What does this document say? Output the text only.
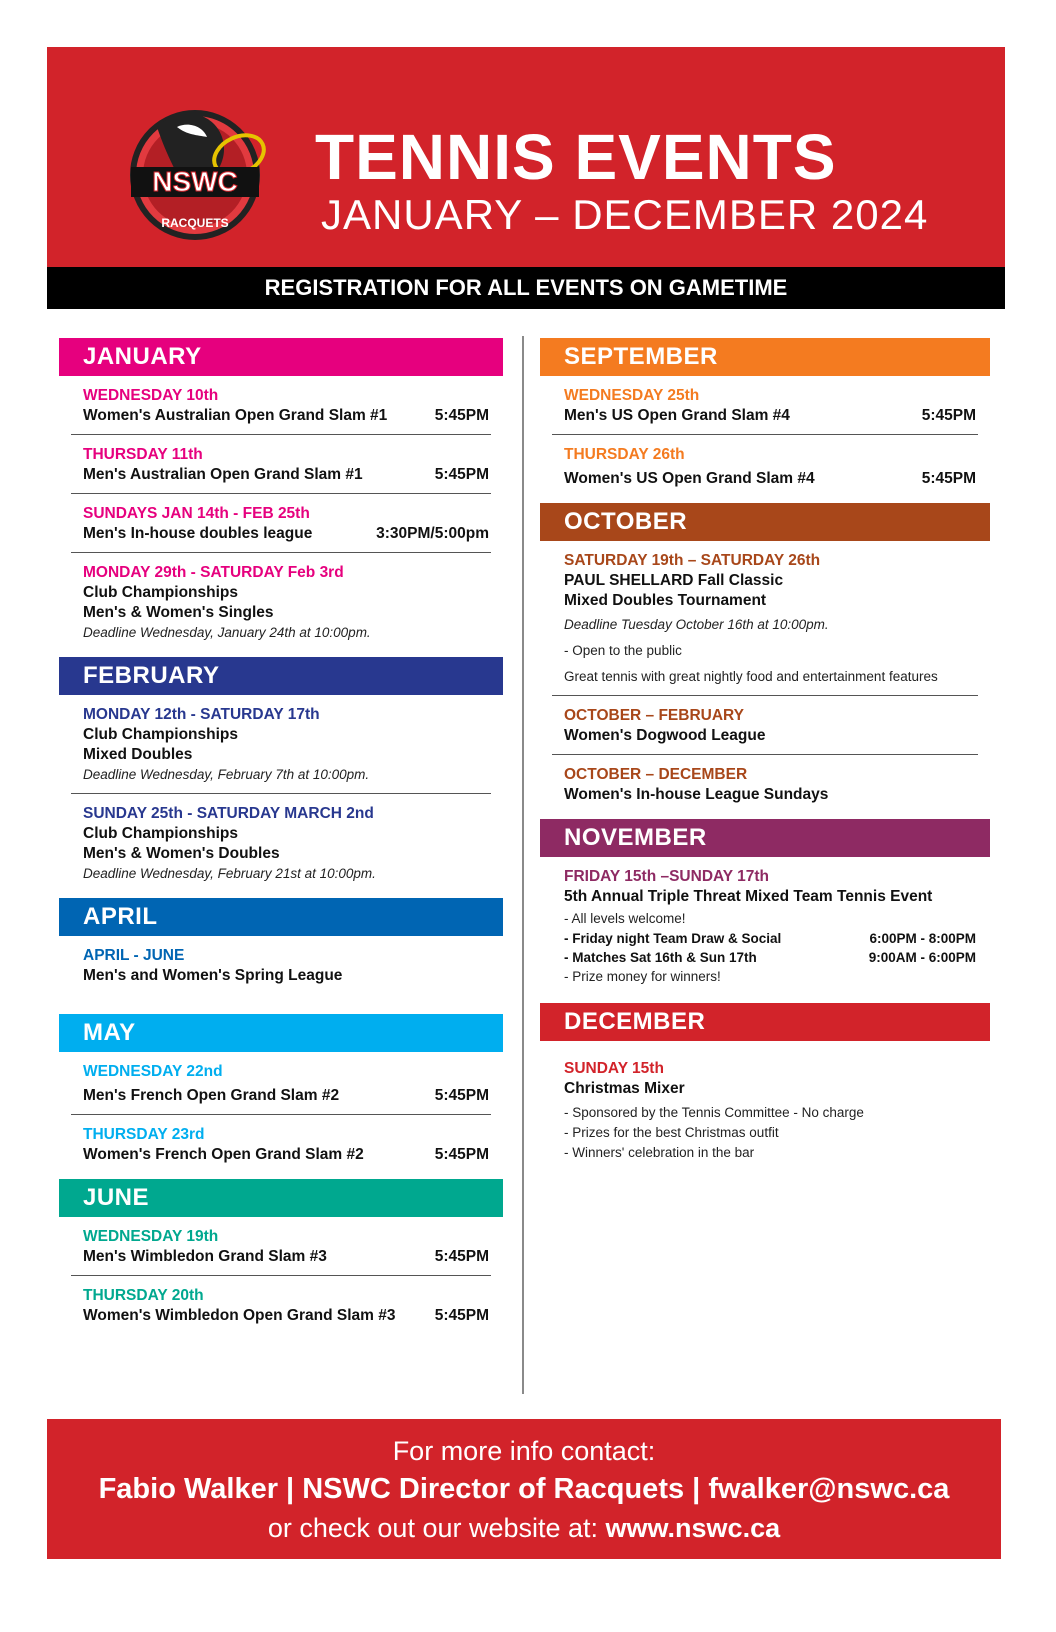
NSWC
RACQUETS
TENNIS EVENTS
JANUARY – DECEMBER 2024
REGISTRATION FOR ALL EVENTS ON GAMETIME
JANUARY
WEDNESDAY 10th
Women's Australian Open Grand Slam #1	5:45PM
THURSDAY 11th
Men's Australian Open Grand Slam #1	5:45PM
SUNDAYS JAN 14th - FEB 25th
Men's In-house doubles league	3:30PM/5:00pm
MONDAY 29th - SATURDAY Feb 3rd
Club Championships
Men's & Women's Singles
Deadline Wednesday, January 24th at 10:00pm.
FEBRUARY
MONDAY 12th - SATURDAY 17th
Club Championships
Mixed Doubles
Deadline Wednesday, February 7th at 10:00pm.
SUNDAY 25th - SATURDAY MARCH 2nd
Club Championships
Men's & Women's Doubles
Deadline Wednesday, February 21st at 10:00pm.
APRIL
APRIL - JUNE
Men's and Women's Spring League
MAY
WEDNESDAY 22nd
Men's French Open Grand Slam #2	5:45PM
THURSDAY 23rd
Women's French Open Grand Slam #2	5:45PM
JUNE
WEDNESDAY 19th
Men's Wimbledon Grand Slam #3	5:45PM
THURSDAY 20th
Women's Wimbledon Open Grand Slam #3	5:45PM
SEPTEMBER
WEDNESDAY 25th
Men's US Open Grand Slam #4	5:45PM
THURSDAY 26th
Women's US Open Grand Slam #4	5:45PM
OCTOBER
SATURDAY 19th – SATURDAY 26th
PAUL SHELLARD Fall Classic
Mixed Doubles Tournament
Deadline Tuesday October 16th at 10:00pm.
- Open to the public
Great tennis with great nightly food and entertainment features
OCTOBER – FEBRUARY
Women's Dogwood League
OCTOBER – DECEMBER
Women's In-house League Sundays
NOVEMBER
FRIDAY 15th –SUNDAY 17th
5th Annual Triple Threat Mixed Team Tennis Event
- All levels welcome!
- Friday night Team Draw & Social	6:00PM - 8:00PM
- Matches Sat 16th & Sun 17th	9:00AM - 6:00PM
- Prize money for winners!
DECEMBER
SUNDAY 15th
Christmas Mixer
- Sponsored by the Tennis Committee - No charge
- Prizes for the best Christmas outfit
- Winners' celebration in the bar
For more info contact:
Fabio Walker | NSWC Director of Racquets | fwalker@nswc.ca
or check out our website at: www.nswc.ca
